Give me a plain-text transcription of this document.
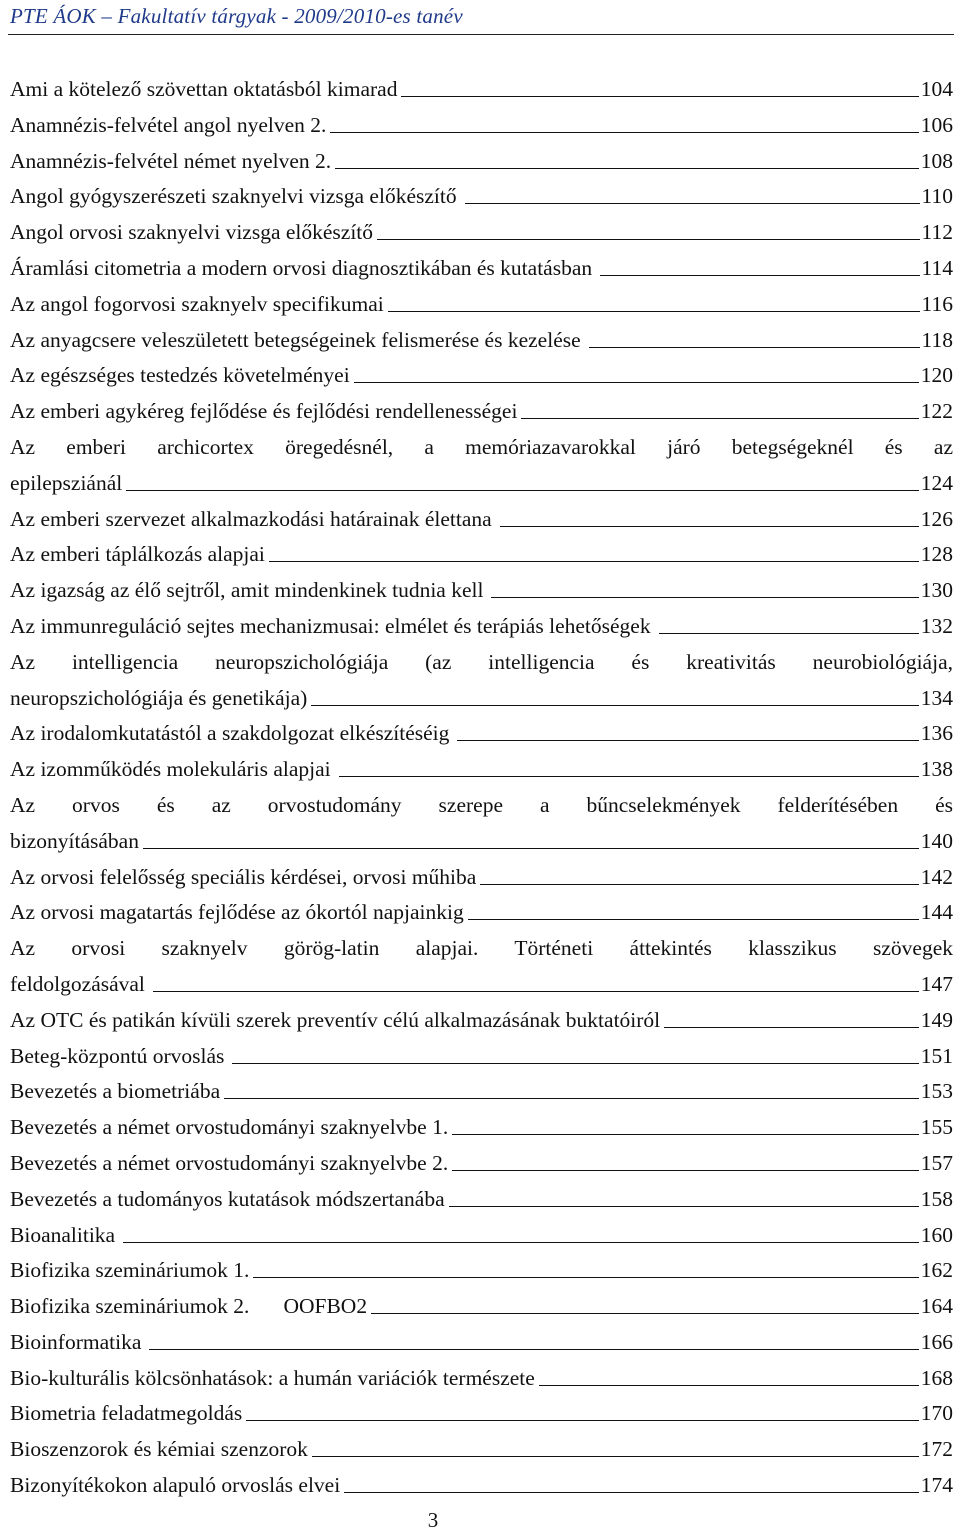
PTE ÁOK – Fakultatív tárgyak - 2009/2010-es tanév
Ami a kötelező szövettan oktatásból kimarad	104
Anamnézis-felvétel angol nyelven 2.	106
Anamnézis-felvétel német nyelven 2.	108
Angol gyógyszerészeti szaknyelvi vizsga előkészítő	110
Angol orvosi szaknyelvi vizsga előkészítő	112
Áramlási citometria a modern orvosi diagnosztikában és kutatásban	114
Az angol fogorvosi szaknyelv specifikumai	116
Az anyagcsere veleszületett betegségeinek felismerése és kezelése	118
Az egészséges testedzés követelményei	120
Az emberi agykéreg fejlődése és fejlődési rendellenességei	122
Az emberi archicortex öregedésnél, a memóriazavarokkal járó betegségeknél és az
epilepsziánál	124
Az emberi szervezet alkalmazkodási határainak élettana	126
Az emberi táplálkozás alapjai	128
Az igazság az élő sejtről, amit mindenkinek tudnia kell	130
Az immunreguláció sejtes mechanizmusai: elmélet és terápiás lehetőségek	132
Az intelligencia neuropszichológiája (az intelligencia és kreativitás neurobiológiája,
neuropszichológiája és genetikája)	134
Az irodalomkutatástól a szakdolgozat elkészítéséig	136
Az izomműködés molekuláris alapjai	138
Az orvos és az orvostudomány szerepe a bűncselekmények felderítésében és
bizonyításában	140
Az orvosi felelősség speciális kérdései, orvosi műhiba	142
Az orvosi magatartás fejlődése az ókortól napjainkig	144
Az orvosi szaknyelv görög-latin alapjai. Történeti áttekintés klasszikus szövegek
feldolgozásával	147
Az OTC és patikán kívüli szerek preventív célú alkalmazásának buktatóiról	149
Beteg-központú orvoslás	151
Bevezetés a biometriába	153
Bevezetés a német orvostudományi szaknyelvbe 1.	155
Bevezetés a német orvostudományi szaknyelvbe 2.	157
Bevezetés a tudományos kutatások módszertanába	158
Bioanalitika	160
Biofizika szemináriumok 1.	162
Biofizika szemináriumok 2. OOFBO2	164
Bioinformatika	166
Bio-kulturális kölcsönhatások: a humán variációk természete	168
Biometria feladatmegoldás	170
Bioszenzorok és kémiai szenzorok	172
Bizonyítékokon alapuló orvoslás elvei	174
3
